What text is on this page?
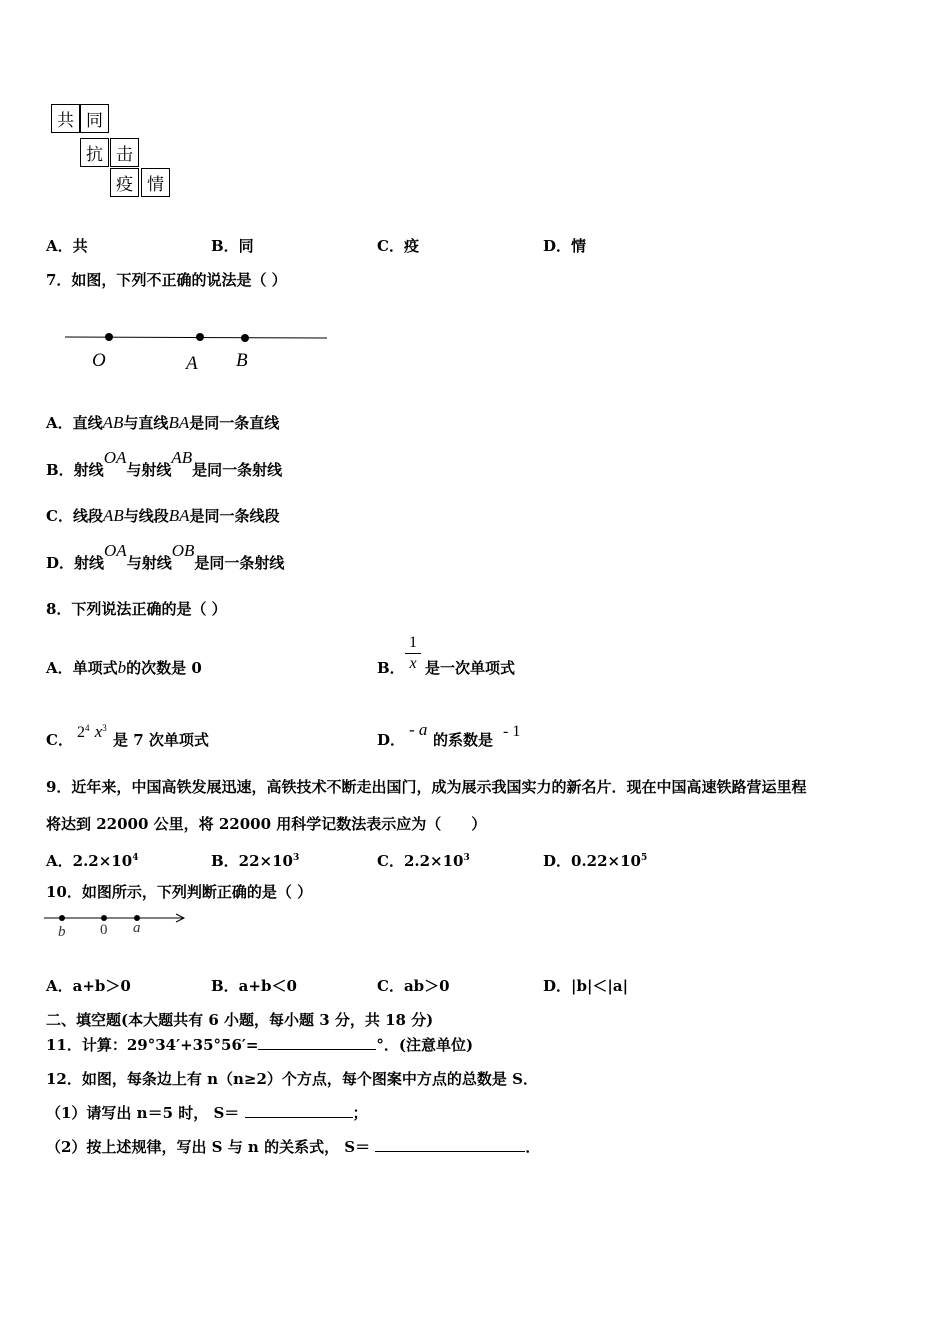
共 同
抗 击
疫 情
A．共	B．同	C．疫	D．情
7．如图，下列不正确的说法是（ ）
O	A B
A．直线AB与直线BA是同一条直线
B．射线OA与射线AB是同一条射线
C．线段AB与线段BA是同一条线段
D．射线OA与射线OB是同一条射线
8．下列说法正确的是（ ）
A．单项式b的次数是 0	B．
1
x 是一次单项式
C． $2^4$ $x^3$
是 7 次单项式	D．
- a
的系数是 - 1
9．近年来，中国高铁发展迅速，高铁技术不断走出国门，成为展示我国实力的新名片．现在中国高速铁路营运里程
将达到 22000 公里，将 22000 用科学记数法表示应为（　　）
A．$2.2\times 10^4$	B．$22\times 10^3$	C．$2.2\times 10^3$	D．$0.22\times 10^5$
10．如图所示，下列判断正确的是（ ）
b 0 a
A．a+b＞0	B．a+b＜0	C．ab＞0	D．|b|＜|a|
二、填空题(本大题共有 6 小题，每小题 3 分，共 18 分)
11．计算：29°34′+35°56′=	°．(注意单位)
12．如图，每条边上有 n（n≥2）个方点，每个图案中方点的总数是 S．
（1）请写出 n＝5 时， S＝	；
（2）按上述规律，写出 S 与 n 的关系式， S＝	．
